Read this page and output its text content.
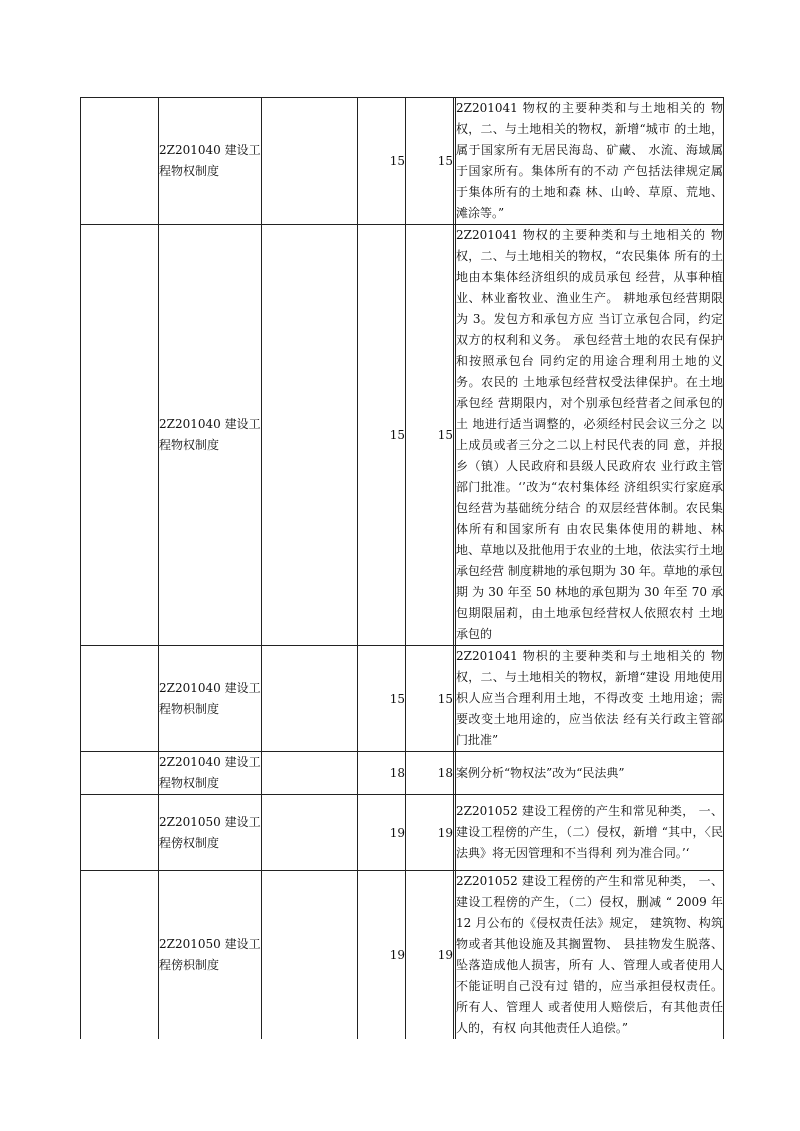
	2Z201040 建设工程物权制度		15	15		2Z201041 物权的主要种类和与土地相关的 物权，二、与土地相关的物权，新增“城市 的土地，属于国家所有无居民海岛、矿藏、 水流、海域属于国家所有。集体所有的不动 产包括法律规定属于集体所有的土地和森 林、山岭、草原、荒地、滩涂等。”
	2Z201040 建设工程物权制度		15	15		2Z201041 物权的主要种类和与土地相关的 物权，二、与土地相关的物权，“农民集体 所有的土地由本集体经济组织的成员承包 经营，从事种植业、林业畜牧业、渔业生产。 耕地承包经营期限为 3。发包方和承包方应 当订立承包合同，约定双方的权利和义务。 承包经营土地的农民有保护和按照承包台 同约定的用途合理利用土地的义务。农民的 土地承包经营权受法律保护。在土地承包经 营期限内，对个别承包经营者之间承包的土 地进行适当调整的，必须经村民会议三分之 以上成员或者三分之二以上村民代表的同 意，并报乡（镇）人民政府和县级人民政府农 业行政主管部门批准。‘’改为“农村集体经 济组织实行家庭承包经营为基础统分结合 的双层经营体制。农民集体所有和国家所有 由农民集体使用的耕地、林地、草地以及批他用于农业的土地，依法实行土地承包经营 制度耕地的承包期为 30 年。草地的承包期 为 30 年至 50 林地的承包期为 30 年至 70 承 包期限届莉，由土地承包经营权人依照农村 土地承包的
	2Z201040 建设工程物枳制度		15	15		2Z201041 物枳的主要种类和与土地相关的 物权，二、与土地相关的物权，新增“建设 用地使用枳人应当合理利用土地，不得改变 土地用途；需要改变土地用途的，应当依法 经有关行政主管部门批准”
	2Z201040 建设工程物权制度		18	18		案例分析“物权法”改为“民法典”
	2Z201050 建设工程傍权制度		19	19		2Z201052 建设工程傍的产生和常见种类， 一、建设工程傍的产生，（二）侵权，新增 “其中，〈民法典》将无因管理和不当得利 列为准合同。’‘
	2Z201050 建设工程傍枳制度		19	19		2Z201052 建设工程傍的产生和常见种类， 一、建设工程傍的产生，（二）侵权，删减 “ 2009 年 12 月公布的《侵权责任法》规定， 建筑物、构筑物或者其他设施及其搁置物、 县挂物发生脱落、坠落造成他人损害，所有 人、管理人或者使用人不能证明自己没有过 错的，应当承担侵权责任。所有人、管理人 或者使用人赔偿后，有其他责任人的，有权 向其他责任人追偿。”
